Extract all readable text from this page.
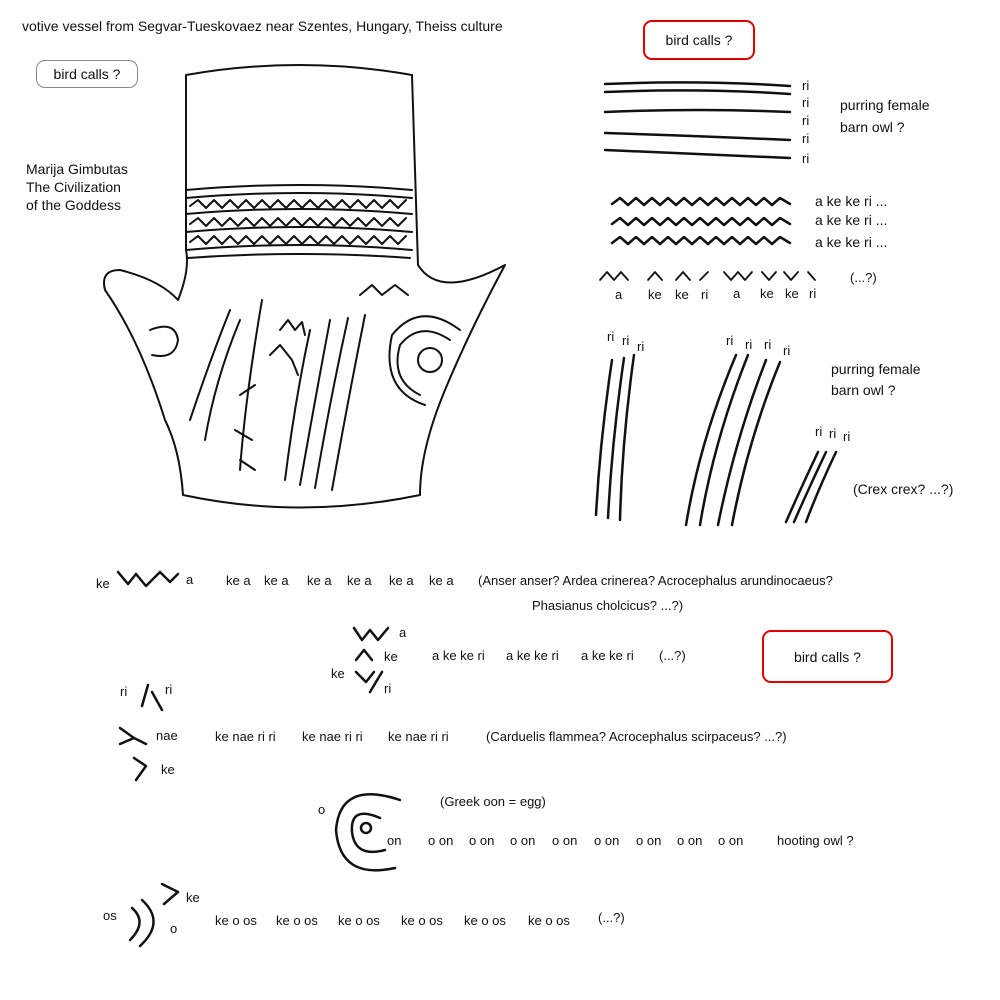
votive vessel from Segvar-Tueskovaez near Szentes, Hungary, Theiss culture
bird calls ?
bird calls ?
bird calls ?
Marija Gimbutas
The Civilization
of the Goddess
ri
ri
ri
ri
ri
purring female
barn owl ?
a ke ke ri ...
a ke ke ri ...
a ke ke ri ...
a ke ke ri a ke ke ri
(...?)
ri ri ri	ri ri ri ri
ri ri ri
purring female
barn owl ?
(Crex crex? ...?)
ke	a	ke a ke a ke a ke a ke a ke a (Anser anser? Ardea crinerea? Acrocephalus arundinocaeus?
Phasianus cholcicus? ...?)
a
ke
ke
ri
a ke ke ri a ke ke ri a ke ke ri (...?)
ri	ri
nae
ke
ke nae ri ri ke nae ri ri ke nae ri ri	(Carduelis flammea? Acrocephalus scirpaceus? ...?)
o
on
(Greek oon = egg)
o on	o on	o on	o on
o on	o on	o on	o on	hooting owl ?
os
o
ke
ke o os ke o os ke o os ke o os ke o os ke o os (...?)
